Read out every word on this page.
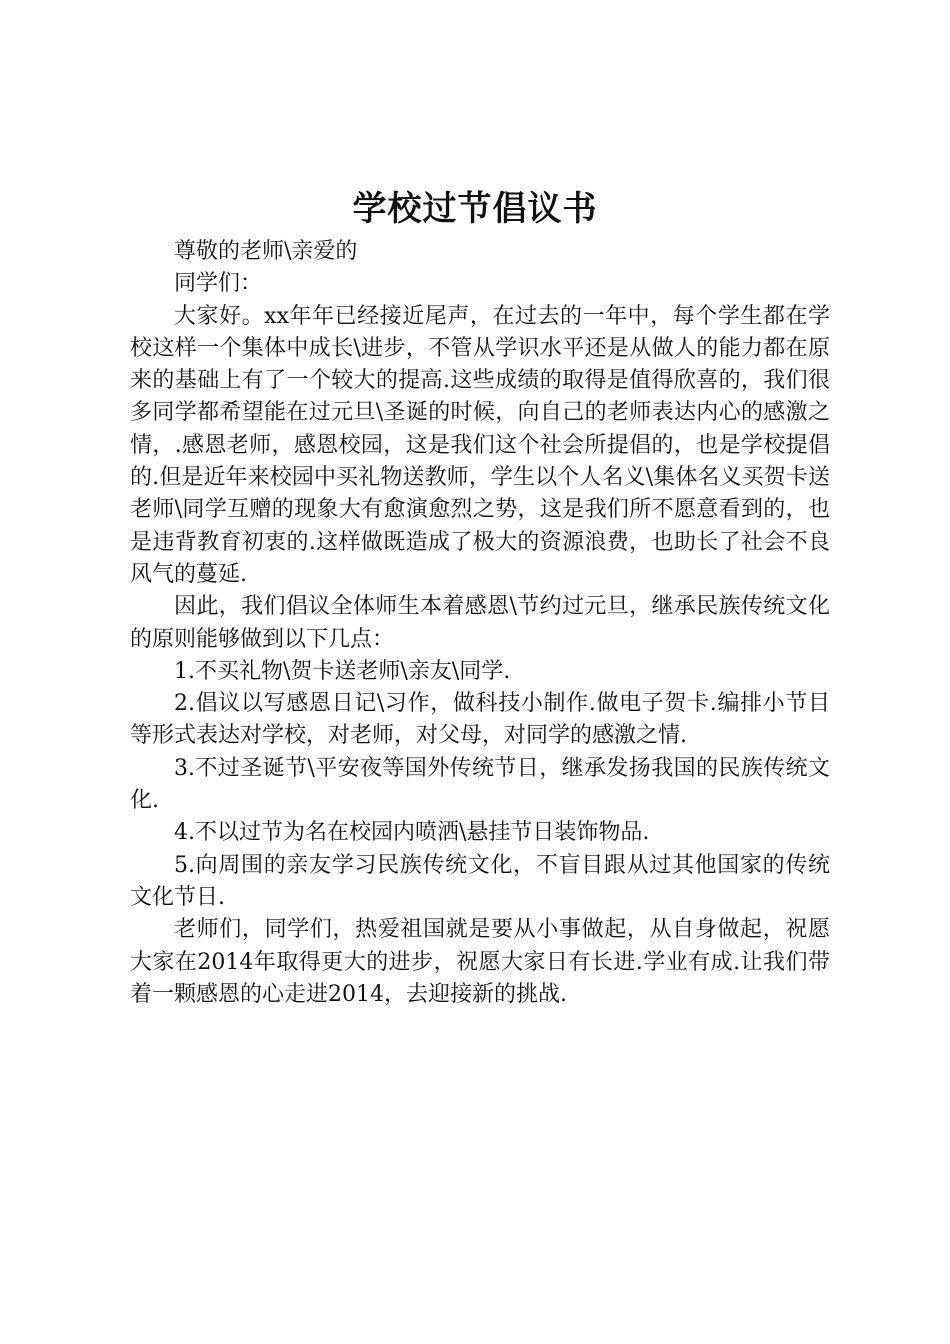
学校过节倡议书

尊敬的老师\亲爱的

同学们：

大家好。xx年年已经接近尾声，在过去的一年中，每个学生都在学校这样一个集体中成长\进步，不管从学识水平还是从做人的能力都在原来的基础上有了一个较大的提高.这些成绩的取得是值得欣喜的，我们很多同学都希望能在过元旦\圣诞的时候，向自己的老师表达内心的感激之情，.感恩老师，感恩校园，这是我们这个社会所提倡的，也是学校提倡的.但是近年来校园中买礼物送教师，学生以个人名义\集体名义买贺卡送老师\同学互赠的现象大有愈演愈烈之势，这是我们所不愿意看到的，也是违背教育初衷的.这样做既造成了极大的资源浪费，也助长了社会不良风气的蔓延.

因此，我们倡议全体师生本着感恩\节约过元旦，继承民族传统文化的原则能够做到以下几点：

1.不买礼物\贺卡送老师\亲友\同学.

2.倡议以写感恩日记\习作，做科技小制作.做电子贺卡.编排小节目等形式表达对学校，对老师，对父母，对同学的感激之情.

3.不过圣诞节\平安夜等国外传统节日，继承发扬我国的民族传统文化.

4.不以过节为名在校园内喷洒\悬挂节日装饰物品.

5.向周围的亲友学习民族传统文化，不盲目跟从过其他国家的传统文化节日.

老师们，同学们，热爱祖国就是要从小事做起，从自身做起，祝愿大家在2014年取得更大的进步，祝愿大家日有长进.学业有成.让我们带着一颗感恩的心走进2014，去迎接新的挑战.
